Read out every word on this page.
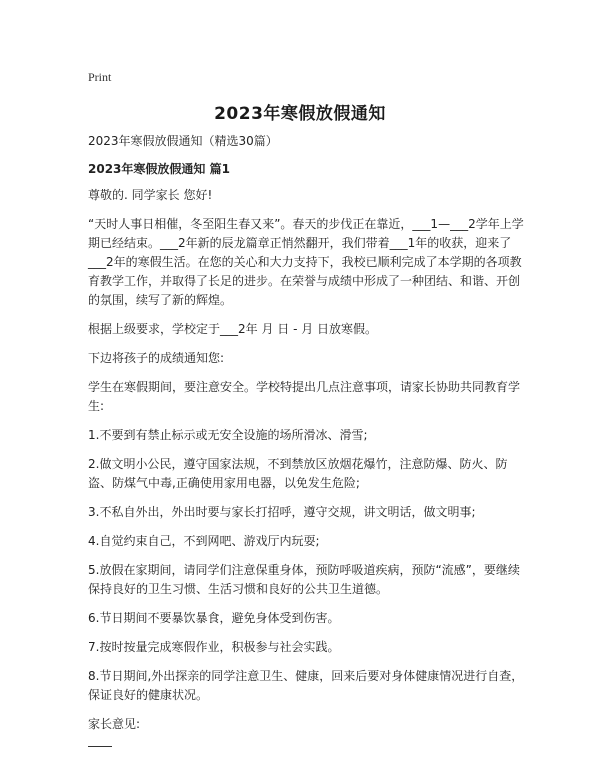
Print
2023年寒假放假通知
2023年寒假放假通知（精选30篇）
2023年寒假放假通知 篇1
尊敬的. 同学家长 您好!
“天时人事日相催，冬至阳生春又来”。春天的步伐正在靠近，___1—___2学年上学期已经结束。___2年新的辰龙篇章正悄然翻开，我们带着___1年的收获，迎来了___2年的寒假生活。在您的关心和大力支持下，我校已顺利完成了本学期的各项教育教学工作，并取得了长足的进步。在荣誉与成绩中形成了一种团结、和谐、开创的氛围，续写了新的辉煌。
根据上级要求，学校定于___2年 月 日 - 月 日放寒假。
下边将孩子的成绩通知您:
学生在寒假期间，要注意安全。学校特提出几点注意事项，请家长协助共同教育学生:
1.不要到有禁止标示或无安全设施的场所滑冰、滑雪;
2.做文明小公民，遵守国家法规，不到禁放区放烟花爆竹，注意防爆、防火、防盗、防煤气中毒,正确使用家用电器，以免发生危险;
3.不私自外出，外出时要与家长打招呼，遵守交规，讲文明话，做文明事;
4.自觉约束自己，不到网吧、游戏厅内玩耍;
5.放假在家期间，请同学们注意保重身体，预防呼吸道疾病，预防“流感”，要继续保持良好的卫生习惯、生活习惯和良好的公共卫生道德。
6.节日期间不要暴饮暴食，避免身体受到伤害。
7.按时按量完成寒假作业，积极参与社会实践。
8.节日期间,外出探亲的同学注意卫生、健康，回来后要对身体健康情况进行自查，保证良好的健康状况。
家长意见:
